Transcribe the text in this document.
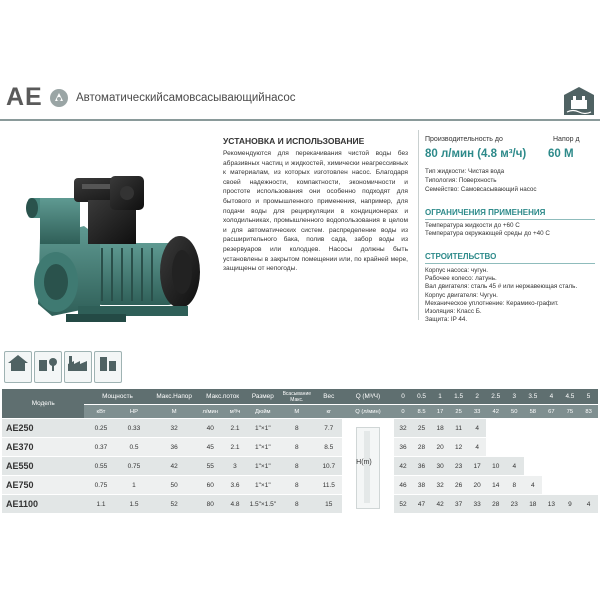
AE	Автоматическийсамовсасывающийнасос
УСТАНОВКА И ИСПОЛЬЗОВАНИЕ
Рекомендуются для перекачивания чистой воды без абразивных частиц и жидкостей, химически неагрессивных к материалам, из которых изготовлен насос. Благодаря своей надежности, компактности, экономичности и простоте использования они особенно подходят для бытового и промышленного применения, например, для подачи воды для рециркуляции в кондиционерах и холодильниках, промышленного водопользования в целом и для автоматических систем. распределение воды из расширительного бака, полив сада, забор воды из резервуаров или колодцев. Насосы должны быть установлены в закрытом помещении или, по крайней мере, защищены от непогоды.
Производительность до	Напор д
80 л/мин (4.8 м³/ч) 60 М
Тип жидкости: Чистая вода
Типология: Поверхность
Семейство: Самовсасывающий насос
ОГРАНИЧЕНИЯ ПРИМЕНЕНИЯ
Температура жидкости до +60 С
Температура окружающей среды до +40 С
СТРОИТЕЛЬСТВО
Корпус насоса: чугун.
Рабочее колесо: латунь.
Вал двигателя: сталь 45 # или нержавеющая сталь.
Корпус двигателя: Чугун.
Механическое уплотнение: Керамико-графит.
Изоляция: Класс Б.
Защита: IP 44.
Модель	Мощность		Макс.Напор	Макс.поток		Размер	Всасывание Макс.	Вес	Q (М³/Ч)	0	0.5	1	1.5	2	2.5	3	3.5	4	4.5	5
	кВт	HP	M	л/мин	м³/ч	Дюйм	M	кг	Q (л/мин)	0	8.5	17	25	33	42	50	58	67	75	83
AE250	0.25	0.33	32	40	2.1	1"×1"	8	7.7	H(m)	32	25	18	11	4						
AE370	0.37	0.5	36	45	2.1	1"×1"	8	8.5		36	28	20	12	4						
AE550	0.55	0.75	42	55	3	1"×1"	8	10.7		42	36	30	23	17	10	4				
AE750	0.75	1	50	60	3.6	1"×1"	8	11.5		46	38	32	26	20	14	8	4			
AE1100	1.1	1.5	52	80	4.8	1.5"×1.5"	8	15		52	47	42	37	33	28	23	18	13	9	4
